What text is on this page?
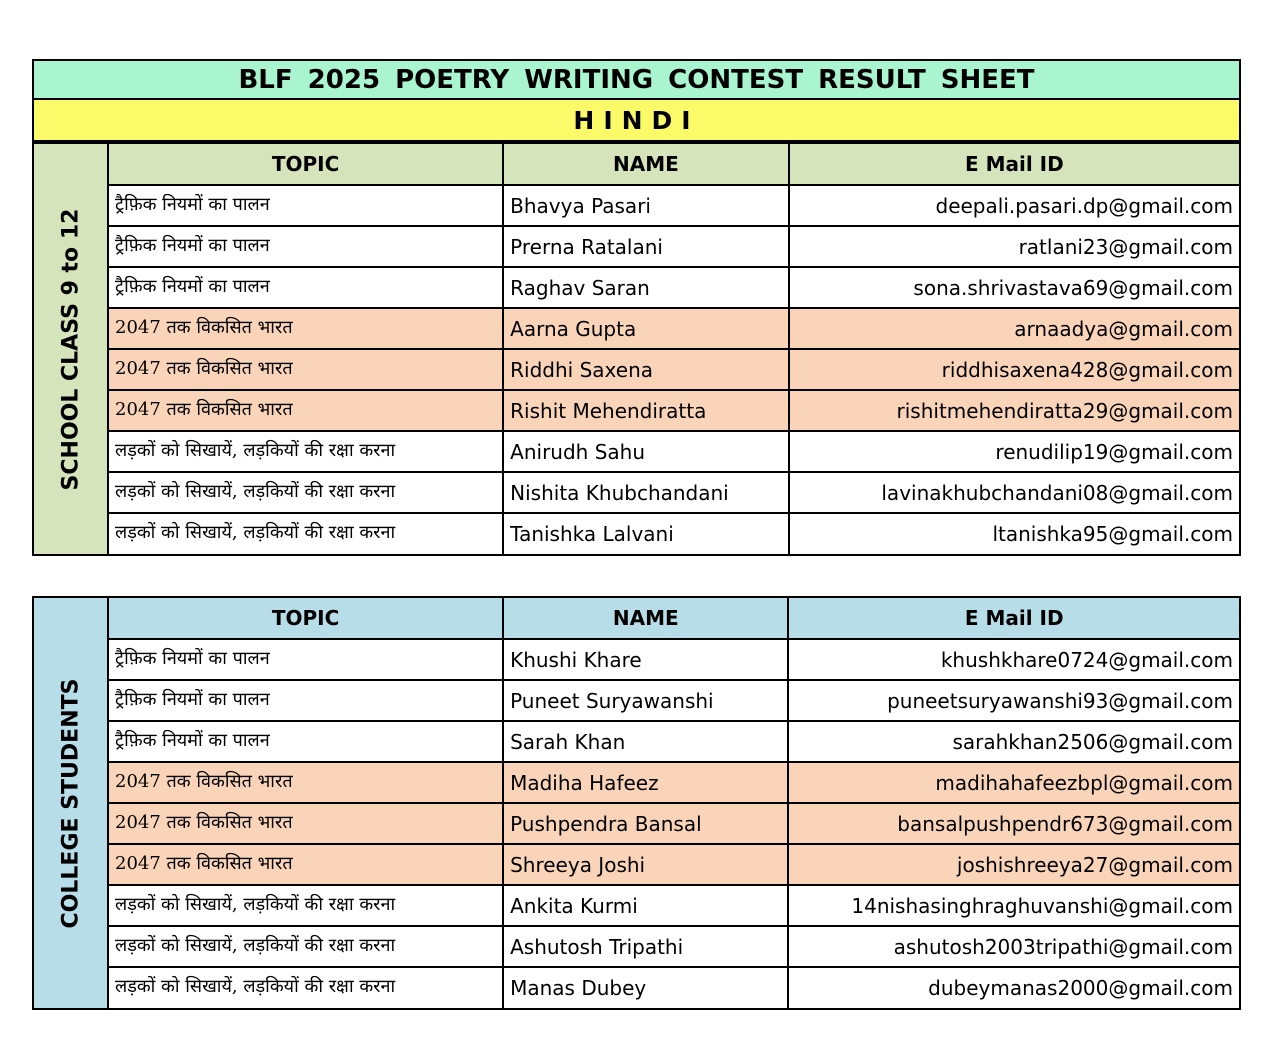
BLF 2025 POETRY WRITING CONTEST RESULT SHEET
HINDI
SCHOOL CLASS 9 to 12
TOPIC	NAME	E Mail ID
ट्रैफ़िक नियमों का पालन	Bhavya Pasari	deepali.pasari.dp@gmail.com
ट्रैफ़िक नियमों का पालन	Prerna Ratalani	ratlani23@gmail.com
ट्रैफ़िक नियमों का पालन	Raghav Saran	sona.shrivastava69@gmail.com
2047 तक विकसित भारत	Aarna Gupta	arnaadya@gmail.com
2047 तक विकसित भारत	Riddhi Saxena	riddhisaxena428@gmail.com
2047 तक विकसित भारत	Rishit Mehendiratta	rishitmehendiratta29@gmail.com
लड़कों को सिखायें, लड़कियों की रक्षा करना	Anirudh Sahu	renudilip19@gmail.com
लड़कों को सिखायें, लड़कियों की रक्षा करना	Nishita Khubchandani	lavinakhubchandani08@gmail.com
लड़कों को सिखायें, लड़कियों की रक्षा करना	Tanishka Lalvani	ltanishka95@gmail.com
COLLEGE STUDENTS
TOPIC	NAME	E Mail ID
ट्रैफ़िक नियमों का पालन	Khushi Khare	khushkhare0724@gmail.com
ट्रैफ़िक नियमों का पालन	Puneet Suryawanshi	puneetsuryawanshi93@gmail.com
ट्रैफ़िक नियमों का पालन	Sarah Khan	sarahkhan2506@gmail.com
2047 तक विकसित भारत	Madiha Hafeez	madihahafeezbpl@gmail.com
2047 तक विकसित भारत	Pushpendra Bansal	bansalpushpendr673@gmail.com
2047 तक विकसित भारत	Shreeya Joshi	joshishreeya27@gmail.com
लड़कों को सिखायें, लड़कियों की रक्षा करना	Ankita Kurmi	14nishasinghraghuvanshi@gmail.com
लड़कों को सिखायें, लड़कियों की रक्षा करना	Ashutosh Tripathi	ashutosh2003tripathi@gmail.com
लड़कों को सिखायें, लड़कियों की रक्षा करना	Manas Dubey	dubeymanas2000@gmail.com
